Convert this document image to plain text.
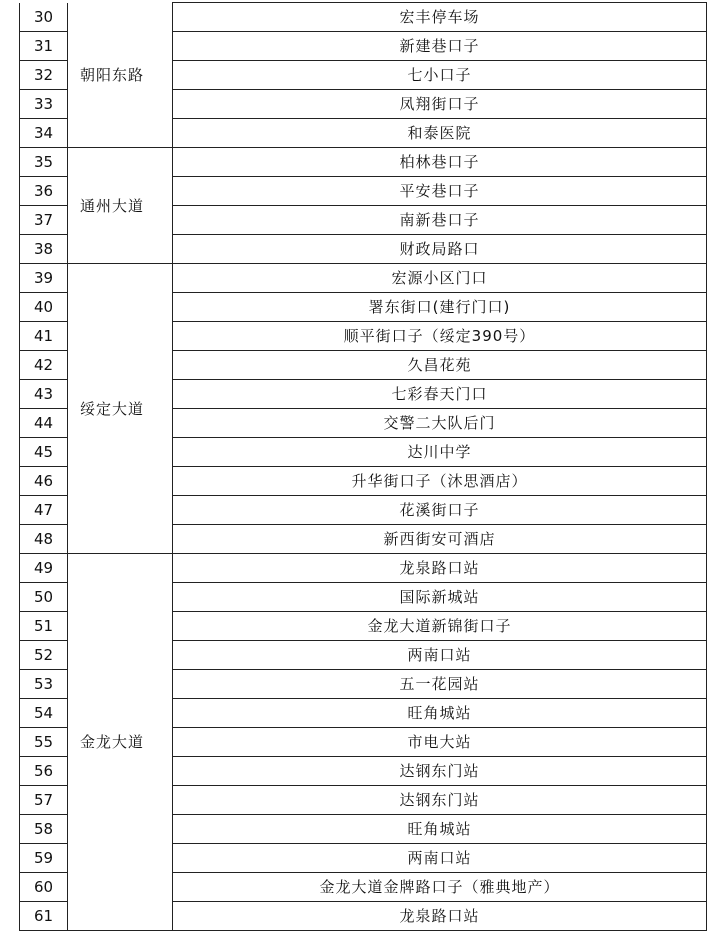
30	朝阳东路	宏丰停车场
31		新建巷口子
32		七小口子
33		凤翔街口子
34		和泰医院
35	通州大道	柏林巷口子
36		平安巷口子
37		南新巷口子
38		财政局路口
39	绥定大道	宏源小区门口
40		署东街口(建行门口)
41		顺平街口子（绥定390号）
42		久昌花苑
43		七彩春天门口
44		交警二大队后门
45		达川中学
46		升华街口子（沐思酒店）
47		花溪街口子
48		新西街安可酒店
49	金龙大道	龙泉路口站
50		国际新城站
51		金龙大道新锦街口子
52		两南口站
53		五一花园站
54		旺角城站
55		市电大站
56		达钢东门站
57		达钢东门站
58		旺角城站
59		两南口站
60		金龙大道金牌路口子（雅典地产）
61		龙泉路口站
